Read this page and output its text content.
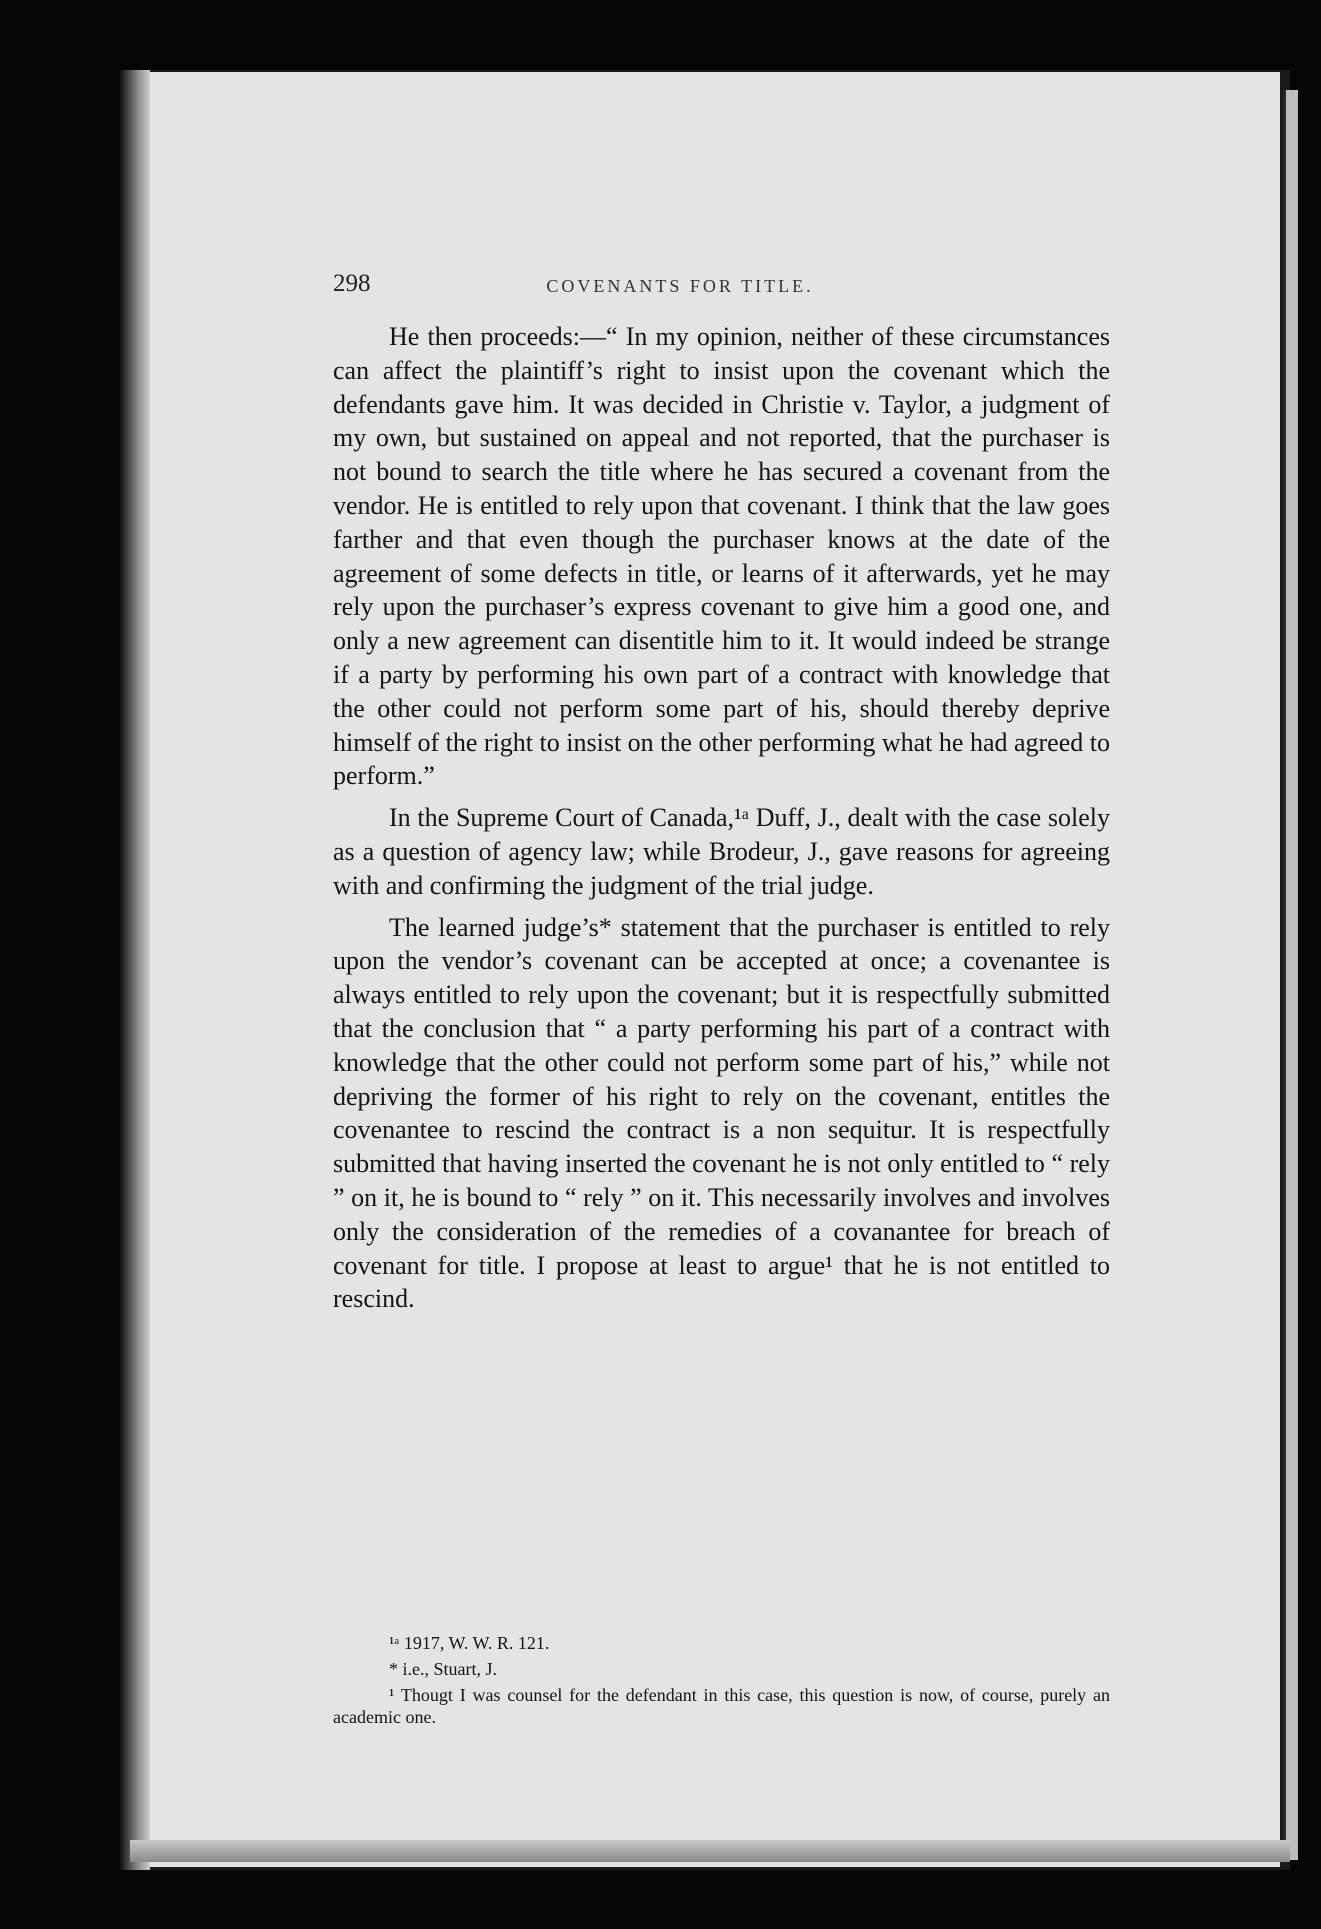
298	COVENANTS FOR TITLE.

He then proceeds:—“ In my opinion, neither of these circumstances can affect the plaintiff’s right to insist upon the covenant which the defendants gave him. It was decided in Christie v. Taylor, a judgment of my own, but sustained on appeal and not reported, that the purchaser is not bound to search the title where he has secured a covenant from the vendor. He is entitled to rely upon that covenant. I think that the law goes farther and that even though the purchaser knows at the date of the agreement of some defects in title, or learns of it afterwards, yet he may rely upon the purchaser’s express covenant to give him a good one, and only a new agreement can disentitle him to it. It would indeed be strange if a party by performing his own part of a contract with knowledge that the other could not perform some part of his, should thereby deprive himself of the right to insist on the other performing what he had agreed to perform.”

In the Supreme Court of Canada,¹ᵃ Duff, J., dealt with the case solely as a question of agency law; while Brodeur, J., gave reasons for agreeing with and confirming the judgment of the trial judge.

The learned judge’s* statement that the purchaser is entitled to rely upon the vendor’s covenant can be accepted at once; a covenantee is always entitled to rely upon the covenant; but it is respectfully submitted that the conclusion that “ a party performing his part of a contract with knowledge that the other could not perform some part of his,” while not depriving the former of his right to rely on the covenant, entitles the covenantee to rescind the contract is a non sequitur. It is respectfully submitted that having inserted the covenant he is not only entitled to “ rely ” on it, he is bound to “ rely ” on it. This necessarily involves and involves only the consideration of the remedies of a covanantee for breach of covenant for title. I propose at least to argue¹ that he is not entitled to rescind.

¹ᵃ 1917, W. W. R. 121.

* i.e., Stuart, J.

¹ Thougt I was counsel for the defendant in this case, this question is now, of course, purely an academic one.
